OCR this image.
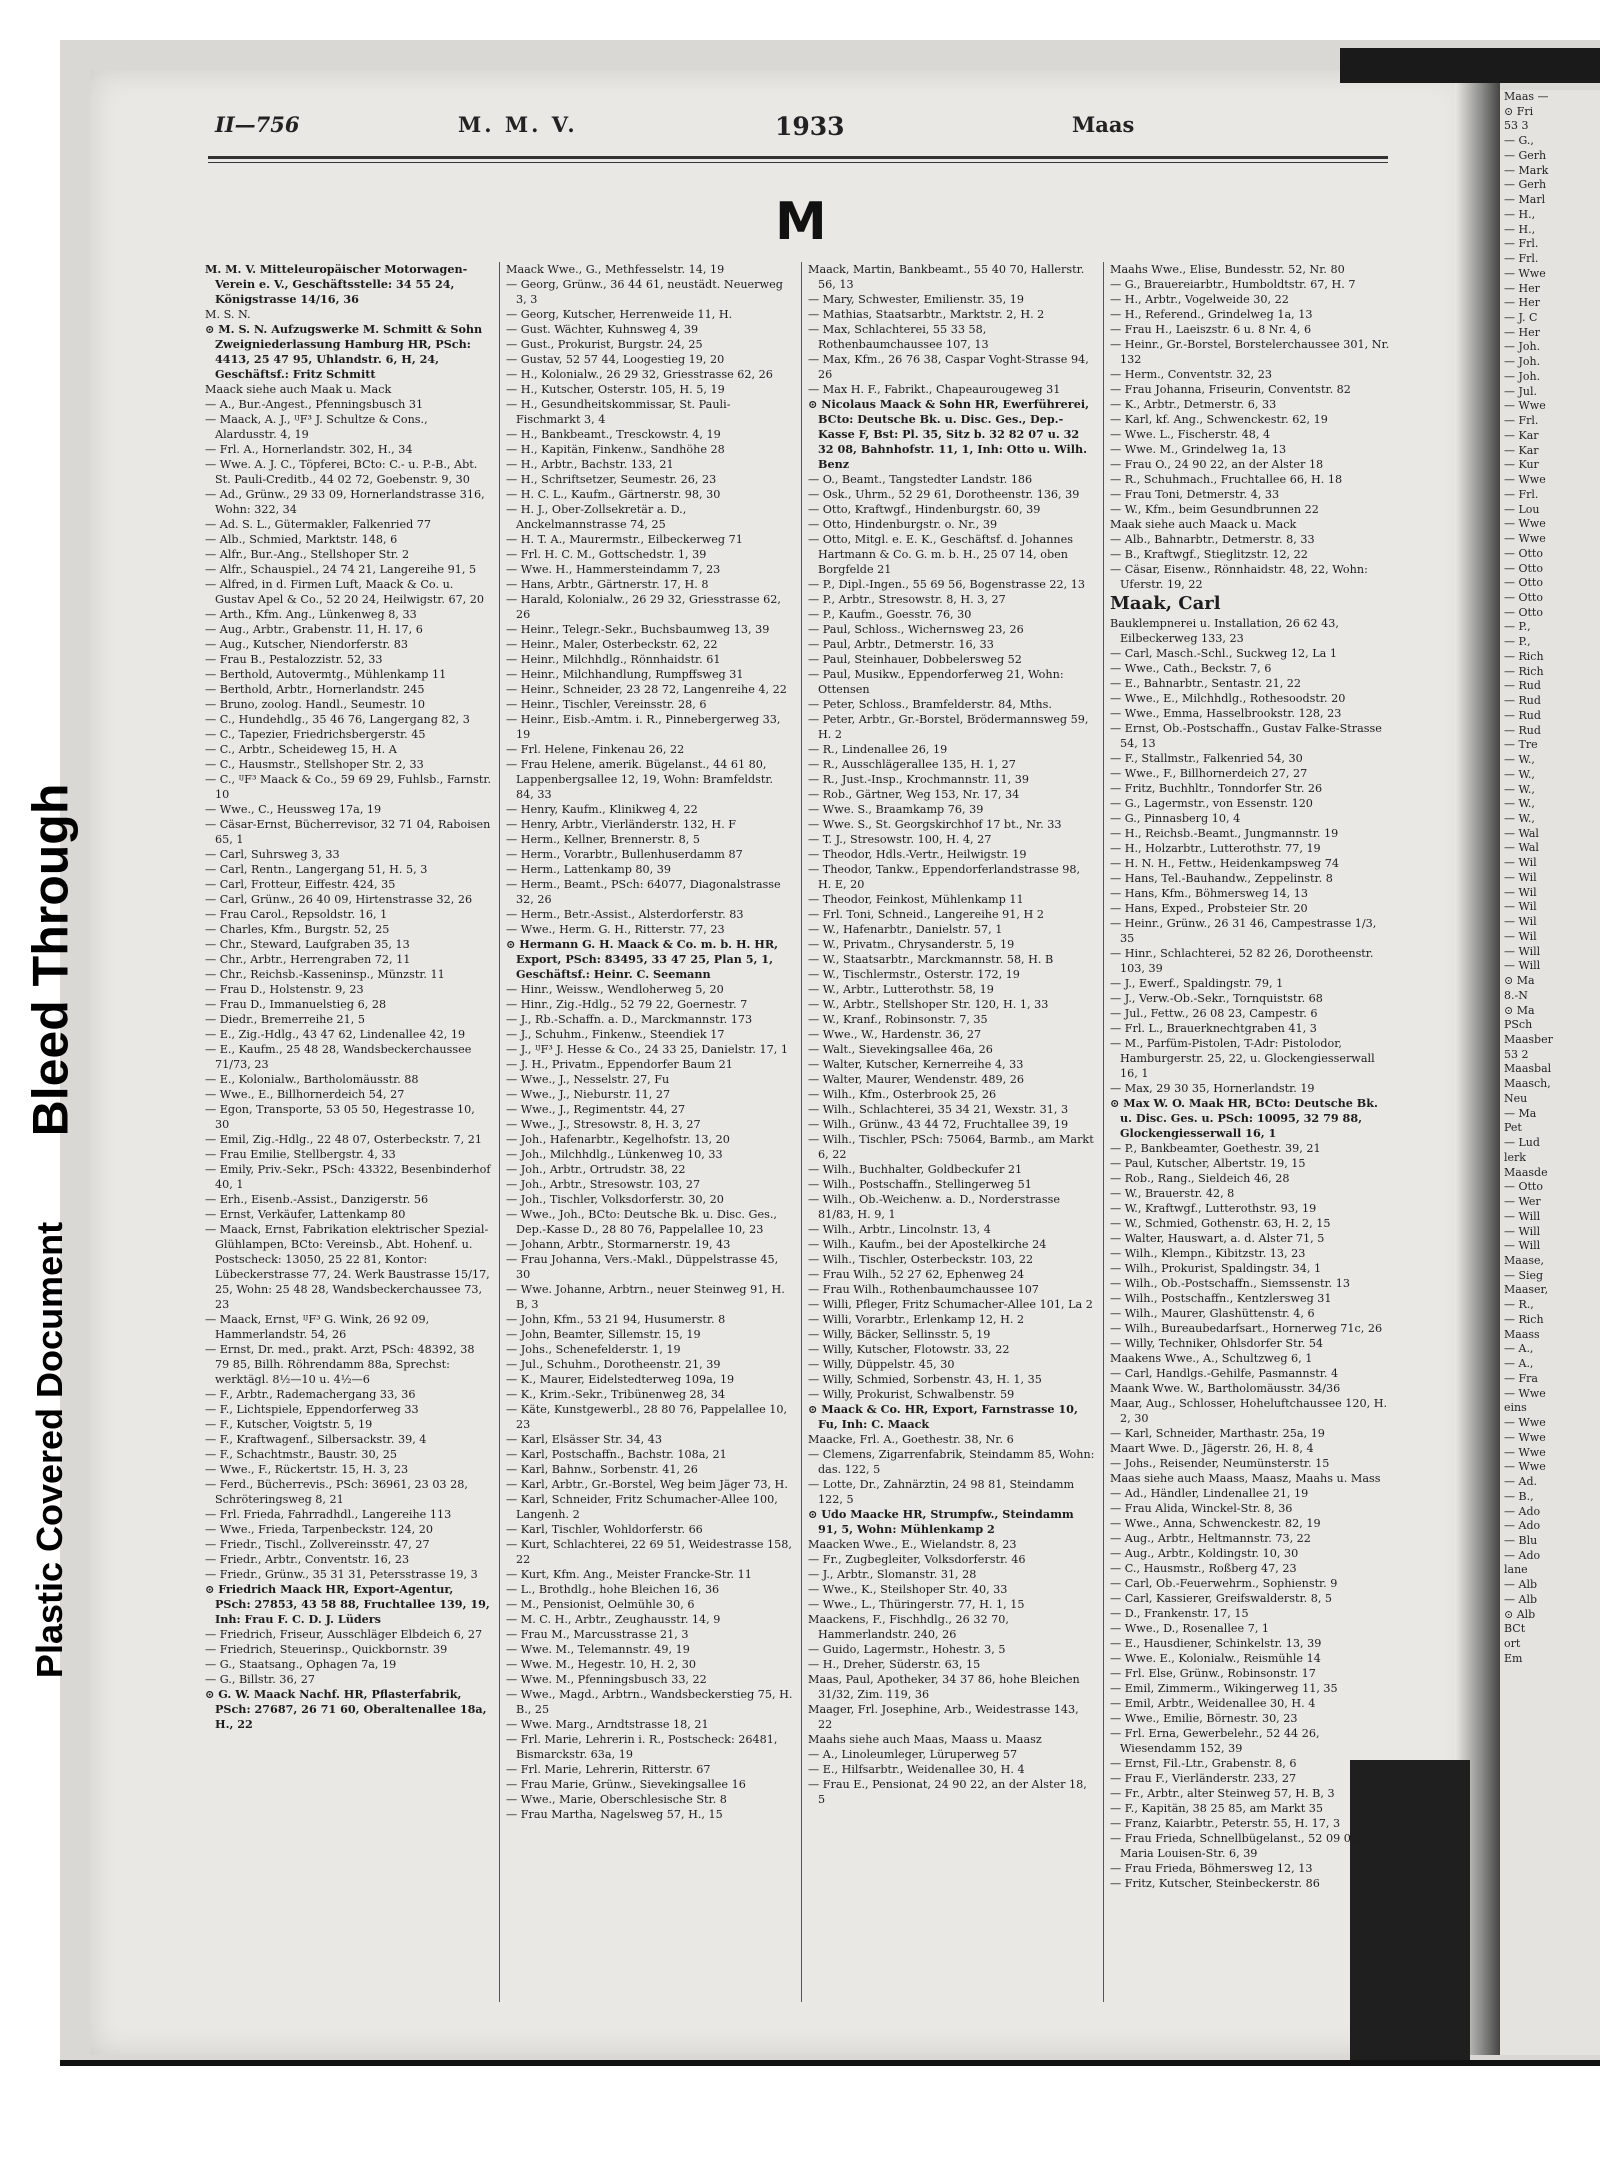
Maas —
⊙ Fri
53 3
— G.,
— Gerh
— Mark
— Gerh
— Marl
— H.,
— H.,
— Frl.
— Frl.
— Wwe
— Her
— Her
— J. C
— Her
— Joh.
— Joh.
— Joh.
— Jul.
— Wwe
— Frl.
— Kar
— Kar
— Kur
— Wwe
— Frl.
— Lou
— Wwe
— Wwe
— Otto
— Otto
— Otto
— Otto
— Otto
— P.,
— P.,
— Rich
— Rich
— Rud
— Rud
— Rud
— Rud
— Tre
— W.,
— W.,
— W.,
— W.,
— W.,
— Wal
— Wal
— Wil
— Wil
— Wil
— Wil
— Wil
— Wil
— Will
— Will
⊙ Ma
8.-N
⊙ Ma
PSch
Maasber
53 2
Maasbal
Maasch,
Neu
— Ma
Pet
— Lud
lerk
Maasde
— Otto
— Wer
— Will
— Will
— Will
Maase,
— Sieg
Maaser,
— R.,
— Rich
Maass
— A.,
— A.,
— Fra
— Wwe
eins
— Wwe
— Wwe
— Wwe
— Wwe
— Ad.
— B.,
— Ado
— Ado
— Blu
— Ado
lane
— Alb
— Alb
⊙ Alb
BCt
ort
Em
Bleed Through
Plastic Covered Document
II—756	M. M. V.	1933	Maas
M

M. M. V. Mitteleuropäischer Motorwagen-Verein e. V., Geschäftsstelle: 34 55 24, Königstrasse 14/16, 36

M. S. N.

⊙ M. S. N. Aufzugswerke M. Schmitt & Sohn Zweigniederlassung Hamburg HR, PSch: 4413, 25 47 95, Uhlandstr. 6, H, 24, Geschäftsf.: Fritz Schmitt

Maack siehe auch Maak u. Mack

— A., Bur.-Angest., Pfenningsbusch 31

— Maack, A. J., ᴵᴶF³ J. Schultze & Cons., Alardusstr. 4, 19

— Frl. A., Hornerlandstr. 302, H., 34

— Wwe. A. J. C., Töpferei, BCto: C.- u. P.-B., Abt. St. Pauli-Creditb., 44 02 72, Goebenstr. 9, 30

— Ad., Grünw., 29 33 09, Hornerlandstrasse 316, Wohn: 322, 34

— Ad. S. L., Gütermakler, Falkenried 77

— Alb., Schmied, Marktstr. 148, 6

— Alfr., Bur.-Ang., Stellshoper Str. 2

— Alfr., Schauspiel., 24 74 21, Langereihe 91, 5

— Alfred, in d. Firmen Luft, Maack & Co. u. Gustav Apel & Co., 52 20 24, Heilwigstr. 67, 20

— Arth., Kfm. Ang., Lünkenweg 8, 33

— Aug., Arbtr., Grabenstr. 11, H. 17, 6

— Aug., Kutscher, Niendorferstr. 83

— Frau B., Pestalozzistr. 52, 33

— Berthold, Autovermtg., Mühlenkamp 11

— Berthold, Arbtr., Hornerlandstr. 245

— Bruno, zoolog. Handl., Seumestr. 10

— C., Hundehdlg., 35 46 76, Langergang 82, 3

— C., Tapezier, Friedrichsbergerstr. 45

— C., Arbtr., Scheideweg 15, H. A

— C., Hausmstr., Stellshoper Str. 2, 33

— C., ᴵᴶF³ Maack & Co., 59 69 29, Fuhlsb., Farnstr. 10

— Wwe., C., Heussweg 17a, 19

— Cäsar-Ernst, Bücherrevisor, 32 71 04, Raboisen 65, 1

— Carl, Suhrsweg 3, 33

— Carl, Rentn., Langergang 51, H. 5, 3

— Carl, Frotteur, Eiffestr. 424, 35

— Carl, Grünw., 26 40 09, Hirtenstrasse 32, 26

— Frau Carol., Repsoldstr. 16, 1

— Charles, Kfm., Burgstr. 52, 25

— Chr., Steward, Laufgraben 35, 13

— Chr., Arbtr., Herrengraben 72, 11

— Chr., Reichsb.-Kasseninsp., Münzstr. 11

— Frau D., Holstenstr. 9, 23

— Frau D., Immanuelstieg 6, 28

— Diedr., Bremerreihe 21, 5

— E., Zig.-Hdlg., 43 47 62, Lindenallee 42, 19

— E., Kaufm., 25 48 28, Wandsbeckerchaussee 71/73, 23

— E., Kolonialw., Bartholomäusstr. 88

— Wwe., E., Billhornerdeich 54, 27

— Egon, Transporte, 53 05 50, Hegestrasse 10, 30

— Emil, Zig.-Hdlg., 22 48 07, Osterbeckstr. 7, 21

— Frau Emilie, Stellbergstr. 4, 33

— Emily, Priv.-Sekr., PSch: 43322, Besenbinderhof 40, 1

— Erh., Eisenb.-Assist., Danzigerstr. 56

— Ernst, Verkäufer, Lattenkamp 80

— Maack, Ernst, Fabrikation elektrischer Spezial-Glühlampen, BCto: Vereinsb., Abt. Hohenf. u. Postscheck: 13050, 25 22 81, Kontor: Lübeckerstrasse 77, 24. Werk Baustrasse 15/17, 25, Wohn: 25 48 28, Wandsbeckerchaussee 73, 23

— Maack, Ernst, ᴵᴶF³ G. Wink, 26 92 09, Hammerlandstr. 54, 26

— Ernst, Dr. med., prakt. Arzt, PSch: 48392, 38 79 85, Billh. Röhrendamm 88a, Sprechst: werktägl. 8½—10 u. 4½—6

— F., Arbtr., Rademachergang 33, 36

— F., Lichtspiele, Eppendorferweg 33

— F., Kutscher, Voigtstr. 5, 19

— F., Kraftwagenf., Silbersackstr. 39, 4

— F., Schachtmstr., Baustr. 30, 25

— Wwe., F., Rückertstr. 15, H. 3, 23

— Ferd., Bücherrevis., PSch: 36961, 23 03 28, Schröteringsweg 8, 21

— Frl. Frieda, Fahrradhdl., Langereihe 113

— Wwe., Frieda, Tarpenbeckstr. 124, 20

— Friedr., Tischl., Zollvereinsstr. 47, 27

— Friedr., Arbtr., Conventstr. 16, 23

— Friedr., Grünw., 35 31 31, Petersstrasse 19, 3

⊙ Friedrich Maack HR, Export-Agentur, PSch: 27853, 43 58 88, Fruchtallee 139, 19, Inh: Frau F. C. D. J. Lüders

— Friedrich, Friseur, Ausschläger Elbdeich 6, 27

— Friedrich, Steuerinsp., Quickbornstr. 39

— G., Staatsang., Ophagen 7a, 19

— G., Billstr. 36, 27

⊙ G. W. Maack Nachf. HR, Pflasterfabrik, PSch: 27687, 26 71 60, Oberaltenallee 18a, H., 22

Maack Wwe., G., Methfesselstr. 14, 19

— Georg, Grünw., 36 44 61, neustädt. Neuerweg 3, 3

— Georg, Kutscher, Herrenweide 11, H.

— Gust. Wächter, Kuhnsweg 4, 39

— Gust., Prokurist, Burgstr. 24, 25

— Gustav, 52 57 44, Loogestieg 19, 20

— H., Kolonialw., 26 29 32, Griesstrasse 62, 26

— H., Kutscher, Osterstr. 105, H. 5, 19

— H., Gesundheitskommissar, St. Pauli-Fischmarkt 3, 4

— H., Bankbeamt., Tresckowstr. 4, 19

— H., Kapitän, Finkenw., Sandhöhe 28

— H., Arbtr., Bachstr. 133, 21

— H., Schriftsetzer, Seumestr. 26, 23

— H. C. L., Kaufm., Gärtnerstr. 98, 30

— H. J., Ober-Zollsekretär a. D., Anckelmannstrasse 74, 25

— H. T. A., Maurermstr., Eilbeckerweg 71

— Frl. H. C. M., Gottschedstr. 1, 39

— Wwe. H., Hammersteindamm 7, 23

— Hans, Arbtr., Gärtnerstr. 17, H. 8

— Harald, Kolonialw., 26 29 32, Griesstrasse 62, 26

— Heinr., Telegr.-Sekr., Buchsbaumweg 13, 39

— Heinr., Maler, Osterbeckstr. 62, 22

— Heinr., Milchhdlg., Rönnhaidstr. 61

— Heinr., Milchhandlung, Rumpffsweg 31

— Heinr., Schneider, 23 28 72, Langenreihe 4, 22

— Heinr., Tischler, Vereinsstr. 28, 6

— Heinr., Eisb.-Amtm. i. R., Pinnebergerweg 33, 19

— Frl. Helene, Finkenau 26, 22

— Frau Helene, amerik. Bügelanst., 44 61 80, Lappenbergsallee 12, 19, Wohn: Bramfeldstr. 84, 33

— Henry, Kaufm., Klinikweg 4, 22

— Henry, Arbtr., Vierländerstr. 132, H. F

— Herm., Kellner, Brennerstr. 8, 5

— Herm., Vorarbtr., Bullenhuserdamm 87

— Herm., Lattenkamp 80, 39

— Herm., Beamt., PSch: 64077, Diagonalstrasse 32, 26

— Herm., Betr.-Assist., Alsterdorferstr. 83

— Wwe., Herm. G. H., Ritterstr. 77, 23

⊙ Hermann G. H. Maack & Co. m. b. H. HR, Export, PSch: 83495, 33 47 25, Plan 5, 1, Geschäftsf.: Heinr. C. Seemann

— Hinr., Weissw., Wendloherweg 5, 20

— Hinr., Zig.-Hdlg., 52 79 22, Goernestr. 7

— J., Rb.-Schaffn. a. D., Marckmannstr. 173

— J., Schuhm., Finkenw., Steendiek 17

— J., ᴵᴶF³ J. Hesse & Co., 24 33 25, Danielstr. 17, 1

— J. H., Privatm., Eppendorfer Baum 21

— Wwe., J., Nesselstr. 27, Fu

— Wwe., J., Nieburstr. 11, 27

— Wwe., J., Regimentstr. 44, 27

— Wwe., J., Stresowstr. 8, H. 3, 27

— Joh., Hafenarbtr., Kegelhofstr. 13, 20

— Joh., Milchhdlg., Lünkenweg 10, 33

— Joh., Arbtr., Ortrudstr. 38, 22

— Joh., Arbtr., Stresowstr. 103, 27

— Joh., Tischler, Volksdorferstr. 30, 20

— Wwe., Joh., BCto: Deutsche Bk. u. Disc. Ges., Dep.-Kasse D., 28 80 76, Pappelallee 10, 23

— Johann, Arbtr., Stormarnerstr. 19, 43

— Frau Johanna, Vers.-Makl., Düppelstrasse 45, 30

— Wwe. Johanne, Arbtrn., neuer Steinweg 91, H. B, 3

— John, Kfm., 53 21 94, Husumerstr. 8

— John, Beamter, Sillemstr. 15, 19

— Johs., Schenefelderstr. 1, 19

— Jul., Schuhm., Dorotheenstr. 21, 39

— K., Maurer, Eidelstedterweg 109a, 19

— K., Krim.-Sekr., Tribünenweg 28, 34

— Käte, Kunstgewerbl., 28 80 76, Pappelallee 10, 23

— Karl, Elsässer Str. 34, 43

— Karl, Postschaffn., Bachstr. 108a, 21

— Karl, Bahnw., Sorbenstr. 41, 26

— Karl, Arbtr., Gr.-Borstel, Weg beim Jäger 73, H.

— Karl, Schneider, Fritz Schumacher-Allee 100, Langenh. 2

— Karl, Tischler, Wohldorferstr. 66

— Kurt, Schlachterei, 22 69 51, Weidestrasse 158, 22

— Kurt, Kfm. Ang., Meister Francke-Str. 11

— L., Brothdlg., hohe Bleichen 16, 36

— M., Pensionist, Oelmühle 30, 6

— M. C. H., Arbtr., Zeughausstr. 14, 9

— Frau M., Marcusstrasse 21, 3

— Wwe. M., Telemannstr. 49, 19

— Wwe. M., Hegestr. 10, H. 2, 30

— Wwe. M., Pfenningsbusch 33, 22

— Wwe., Magd., Arbtrn., Wandsbeckerstieg 75, H. B., 25

— Wwe. Marg., Arndtstrasse 18, 21

— Frl. Marie, Lehrerin i. R., Postscheck: 26481, Bismarckstr. 63a, 19

— Frl. Marie, Lehrerin, Ritterstr. 67

— Frau Marie, Grünw., Sievekingsallee 16

— Wwe., Marie, Oberschlesische Str. 8

— Frau Martha, Nagelsweg 57, H., 15

Maack, Martin, Bankbeamt., 55 40 70, Hallerstr. 56, 13

— Mary, Schwester, Emilienstr. 35, 19

— Mathias, Staatsarbtr., Marktstr. 2, H. 2

— Max, Schlachterei, 55 33 58, Rothenbaumchaussee 107, 13

— Max, Kfm., 26 76 38, Caspar Voght-Strasse 94, 26

— Max H. F., Fabrikt., Chapeaurougeweg 31

⊙ Nicolaus Maack & Sohn HR, Ewerführerei, BCto: Deutsche Bk. u. Disc. Ges., Dep.-Kasse F, Bst: Pl. 35, Sitz b. 32 82 07 u. 32 32 08, Bahnhofstr. 11, 1, Inh: Otto u. Wilh. Benz

— O., Beamt., Tangstedter Landstr. 186

— Osk., Uhrm., 52 29 61, Dorotheenstr. 136, 39

— Otto, Kraftwgf., Hindenburgstr. 60, 39

— Otto, Hindenburgstr. o. Nr., 39

— Otto, Mitgl. e. E. K., Geschäftsf. d. Johannes Hartmann & Co. G. m. b. H., 25 07 14, oben Borgfelde 21

— P., Dipl.-Ingen., 55 69 56, Bogenstrasse 22, 13

— P., Arbtr., Stresowstr. 8, H. 3, 27

— P., Kaufm., Goesstr. 76, 30

— Paul, Schloss., Wichernsweg 23, 26

— Paul, Arbtr., Detmerstr. 16, 33

— Paul, Steinhauer, Dobbelersweg 52

— Paul, Musikw., Eppendorferweg 21, Wohn: Ottensen

— Peter, Schloss., Bramfelderstr. 84, Mths.

— Peter, Arbtr., Gr.-Borstel, Brödermannsweg 59, H. 2

— R., Lindenallee 26, 19

— R., Ausschlägerallee 135, H. 1, 27

— R., Just.-Insp., Krochmannstr. 11, 39

— Rob., Gärtner, Weg 153, Nr. 17, 34

— Wwe. S., Braamkamp 76, 39

— Wwe. S., St. Georgskirchhof 17 bt., Nr. 33

— T. J., Stresowstr. 100, H. 4, 27

— Theodor, Hdls.-Vertr., Heilwigstr. 19

— Theodor, Tankw., Eppendorferlandstrasse 98, H. E, 20

— Theodor, Feinkost, Mühlenkamp 11

— Frl. Toni, Schneid., Langereihe 91, H 2

— W., Hafenarbtr., Danielstr. 57, 1

— W., Privatm., Chrysanderstr. 5, 19

— W., Staatsarbtr., Marckmannstr. 58, H. B

— W., Tischlermstr., Osterstr. 172, 19

— W., Arbtr., Lutterothstr. 58, 19

— W., Arbtr., Stellshoper Str. 120, H. 1, 33

— W., Kranf., Robinsonstr. 7, 35

— Wwe., W., Hardenstr. 36, 27

— Walt., Sievekingsallee 46a, 26

— Walter, Kutscher, Kernerreihe 4, 33

— Walter, Maurer, Wendenstr. 489, 26

— Wilh., Kfm., Osterbrook 25, 26

— Wilh., Schlachterei, 35 34 21, Wexstr. 31, 3

— Wilh., Grünw., 43 44 72, Fruchtallee 39, 19

— Wilh., Tischler, PSch: 75064, Barmb., am Markt 6, 22

— Wilh., Buchhalter, Goldbeckufer 21

— Wilh., Postschaffn., Stellingerweg 51

— Wilh., Ob.-Weichenw. a. D., Norderstrasse 81/83, H. 9, 1

— Wilh., Arbtr., Lincolnstr. 13, 4

— Wilh., Kaufm., bei der Apostelkirche 24

— Wilh., Tischler, Osterbeckstr. 103, 22

— Frau Wilh., 52 27 62, Ephenweg 24

— Frau Wilh., Rothenbaumchaussee 107

— Willi, Pfleger, Fritz Schumacher-Allee 101, La 2

— Willi, Vorarbtr., Erlenkamp 12, H. 2

— Willy, Bäcker, Sellinsstr. 5, 19

— Willy, Kutscher, Flotowstr. 33, 22

— Willy, Düppelstr. 45, 30

— Willy, Schmied, Sorbenstr. 43, H. 1, 35

— Willy, Prokurist, Schwalbenstr. 59

⊙ Maack & Co. HR, Export, Farnstrasse 10, Fu, Inh: C. Maack

Maacke, Frl. A., Goethestr. 38, Nr. 6

— Clemens, Zigarrenfabrik, Steindamm 85, Wohn: das. 122, 5

— Lotte, Dr., Zahnärztin, 24 98 81, Steindamm 122, 5

⊙ Udo Maacke HR, Strumpfw., Steindamm 91, 5, Wohn: Mühlenkamp 2

Maacken Wwe., E., Wielandstr. 8, 23

— Fr., Zugbegleiter, Volksdorferstr. 46

— J., Arbtr., Slomanstr. 31, 28

— Wwe., K., Steilshoper Str. 40, 33

— Wwe., L., Thüringerstr. 77, H. 1, 15

Maackens, F., Fischhdlg., 26 32 70, Hammerlandstr. 240, 26

— Guido, Lagermstr., Hohestr. 3, 5

— H., Dreher, Süderstr. 63, 15

Maas, Paul, Apotheker, 34 37 86, hohe Bleichen 31/32, Zim. 119, 36

Maager, Frl. Josephine, Arb., Weidestrasse 143, 22

Maahs siehe auch Maas, Maass u. Maasz

— A., Linoleumleger, Lüruperweg 57

— E., Hilfsarbtr., Weidenallee 30, H. 4

— Frau E., Pensionat, 24 90 22, an der Alster 18, 5

Maahs Wwe., Elise, Bundesstr. 52, Nr. 80

— G., Brauereiarbtr., Humboldtstr. 67, H. 7

— H., Arbtr., Vogelweide 30, 22

— H., Referend., Grindelweg 1a, 13

— Frau H., Laeiszstr. 6 u. 8 Nr. 4, 6

— Heinr., Gr.-Borstel, Borstelerchaussee 301, Nr. 132

— Herm., Conventstr. 32, 23

— Frau Johanna, Friseurin, Conventstr. 82

— K., Arbtr., Detmerstr. 6, 33

— Karl, kf. Ang., Schwenckestr. 62, 19

— Wwe. L., Fischerstr. 48, 4

— Wwe. M., Grindelweg 1a, 13

— Frau O., 24 90 22, an der Alster 18

— R., Schuhmach., Fruchtallee 66, H. 18

— Frau Toni, Detmerstr. 4, 33

— W., Kfm., beim Gesundbrunnen 22

Maak siehe auch Maack u. Mack

— Alb., Bahnarbtr., Detmerstr. 8, 33

— B., Kraftwgf., Stieglitzstr. 12, 22

— Cäsar, Eisenw., Rönnhaidstr. 48, 22, Wohn: Uferstr. 19, 22

Maak, Carl

Bauklempnerei u. Installation, 26 62 43, Eilbeckerweg 133, 23

— Carl, Masch.-Schl., Suckweg 12, La 1

— Wwe., Cath., Beckstr. 7, 6

— E., Bahnarbtr., Sentastr. 21, 22

— Wwe., E., Milchhdlg., Rothesoodstr. 20

— Wwe., Emma, Hasselbrookstr. 128, 23

— Ernst, Ob.-Postschaffn., Gustav Falke-Strasse 54, 13

— F., Stallmstr., Falkenried 54, 30

— Wwe., F., Billhornerdeich 27, 27

— Fritz, Buchhltr., Tonndorfer Str. 26

— G., Lagermstr., von Essenstr. 120

— G., Pinnasberg 10, 4

— H., Reichsb.-Beamt., Jungmannstr. 19

— H., Holzarbtr., Lutterothstr. 77, 19

— H. N. H., Fettw., Heidenkampsweg 74

— Hans, Tel.-Bauhandw., Zeppelinstr. 8

— Hans, Kfm., Böhmersweg 14, 13

— Hans, Exped., Probsteier Str. 20

— Heinr., Grünw., 26 31 46, Campestrasse 1/3, 35

— Hinr., Schlachterei, 52 82 26, Dorotheenstr. 103, 39

— J., Ewerf., Spaldingstr. 79, 1

— J., Verw.-Ob.-Sekr., Tornquiststr. 68

— Jul., Fettw., 26 08 23, Campestr. 6

— Frl. L., Brauerknechtgraben 41, 3

— M., Parfüm-Pistolen, T-Adr: Pistolodor, Hamburgerstr. 25, 22, u. Glockengiesserwall 16, 1

— Max, 29 30 35, Hornerlandstr. 19

⊙ Max W. O. Maak HR, BCto: Deutsche Bk. u. Disc. Ges. u. PSch: 10095, 32 79 88, Glockengiesserwall 16, 1

— P., Bankbeamter, Goethestr. 39, 21

— Paul, Kutscher, Albertstr. 19, 15

— Rob., Rang., Sieldeich 46, 28

— W., Brauerstr. 42, 8

— W., Kraftwgf., Lutterothstr. 93, 19

— W., Schmied, Gothenstr. 63, H. 2, 15

— Walter, Hauswart, a. d. Alster 71, 5

— Wilh., Klempn., Kibitzstr. 13, 23

— Wilh., Prokurist, Spaldingstr. 34, 1

— Wilh., Ob.-Postschaffn., Siemssenstr. 13

— Wilh., Postschaffn., Kentzlersweg 31

— Wilh., Maurer, Glashüttenstr. 4, 6

— Wilh., Bureaubedarfsart., Hornerweg 71c, 26

— Willy, Techniker, Ohlsdorfer Str. 54

Maakens Wwe., A., Schultzweg 6, 1

— Carl, Handlgs.-Gehilfe, Pasmannstr. 4

Maank Wwe. W., Bartholomäusstr. 34/36

Maar, Aug., Schlosser, Hoheluftchaussee 120, H. 2, 30

— Karl, Schneider, Marthastr. 25a, 19

Maart Wwe. D., Jägerstr. 26, H. 8, 4

— Johs., Reisender, Neumünsterstr. 15

Maas siehe auch Maass, Maasz, Maahs u. Mass

— Ad., Händler, Lindenallee 21, 19

— Frau Alida, Winckel-Str. 8, 36

— Wwe., Anna, Schwenckestr. 82, 19

— Aug., Arbtr., Heltmannstr. 73, 22

— Aug., Arbtr., Koldingstr. 10, 30

— C., Hausmstr., Roßberg 47, 23

— Carl, Ob.-Feuerwehrm., Sophienstr. 9

— Carl, Kassierer, Greifswalderstr. 8, 5

— D., Frankenstr. 17, 15

— Wwe., D., Rosenallee 7, 1

— E., Hausdiener, Schinkelstr. 13, 39

— Wwe. E., Kolonialw., Reismühle 14

— Frl. Else, Grünw., Robinsonstr. 17

— Emil, Zimmerm., Wikingerweg 11, 35

— Emil, Arbtr., Weidenallee 30, H. 4

— Wwe., Emilie, Börnestr. 30, 23

— Frl. Erna, Gewerbelehr., 52 44 26, Wiesendamm 152, 39

— Ernst, Fil.-Ltr., Grabenstr. 8, 6

— Frau F., Vierländerstr. 233, 27

— Fr., Arbtr., alter Steinweg 57, H. B, 3

— F., Kapitän, 38 25 85, am Markt 35

— Franz, Kaiarbtr., Peterstr. 55, H. 17, 3

— Frau Frieda, Schnellbügelanst., 52 09 02, Maria Louisen-Str. 6, 39

— Frau Frieda, Böhmersweg 12, 13

— Fritz, Kutscher, Steinbeckerstr. 86
